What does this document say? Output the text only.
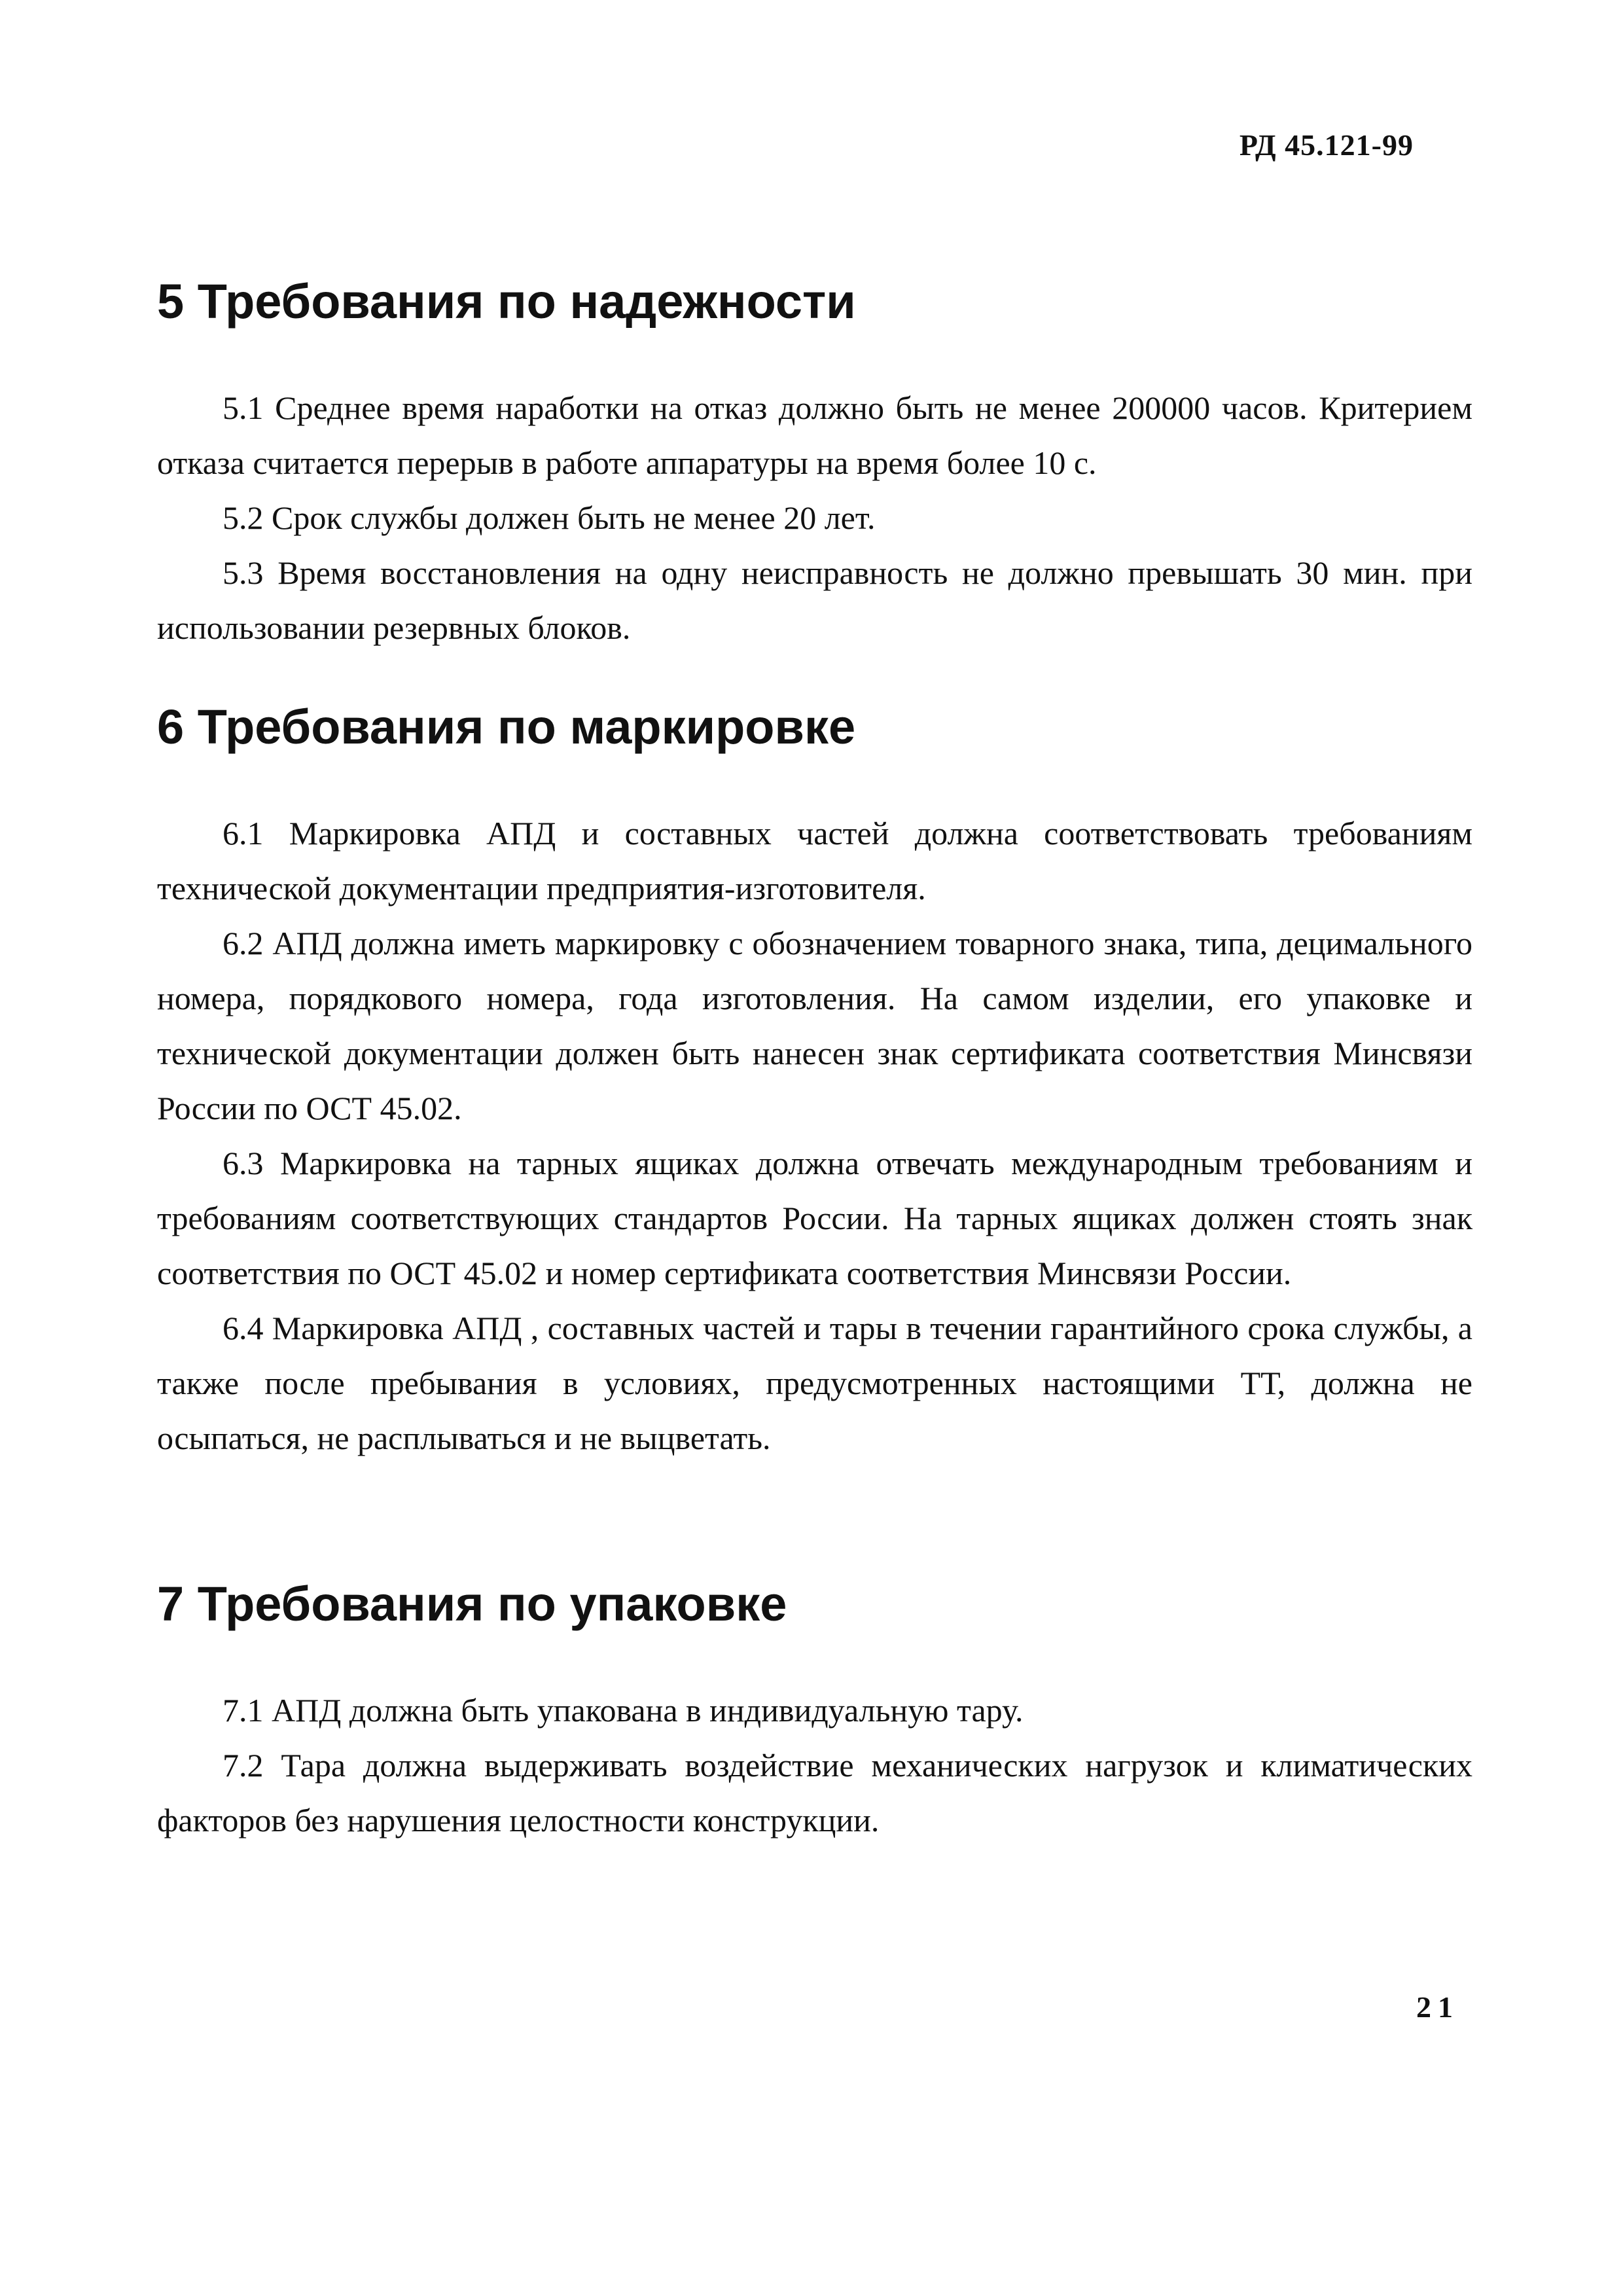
РД 45.121-99
5 Требования по надежности

5.1 Среднее время наработки на отказ должно быть не менее 200000 часов. Критерием отказа считается перерыв в работе аппаратуры на время более 10 с.

5.2 Срок службы должен быть не менее 20 лет.

5.3 Время восстановления на одну неисправность не должно превышать 30 мин. при использовании резервных блоков.

6 Требования по маркировке

6.1 Маркировка АПД и составных частей должна соответствовать требованиям технической документации предприятия-изготовителя.

6.2 АПД должна иметь маркировку с обозначением товарного знака, типа, децимального номера, порядкового номера, года изготовления. На самом изделии, его упаковке и технической документации должен быть нанесен знак сертификата соответствия Минсвязи России по ОСТ 45.02.

6.3 Маркировка на тарных ящиках должна отвечать международным требованиям и требованиям соответствующих стандартов России. На тарных ящиках должен стоять знак соответствия по ОСТ 45.02 и номер сертификата соответствия Минсвязи России.

6.4 Маркировка АПД , составных частей и тары в течении гарантийного срока службы, а также после пребывания в условиях, предусмотренных настоящими ТТ, должна не осыпаться, не расплываться и не выцветать.

7 Требования по упаковке

7.1 АПД должна быть упакована в индивидуальную тару.

7.2 Тара должна выдерживать воздействие механических нагрузок и климатических факторов без нарушения целостности конструкции.

21
